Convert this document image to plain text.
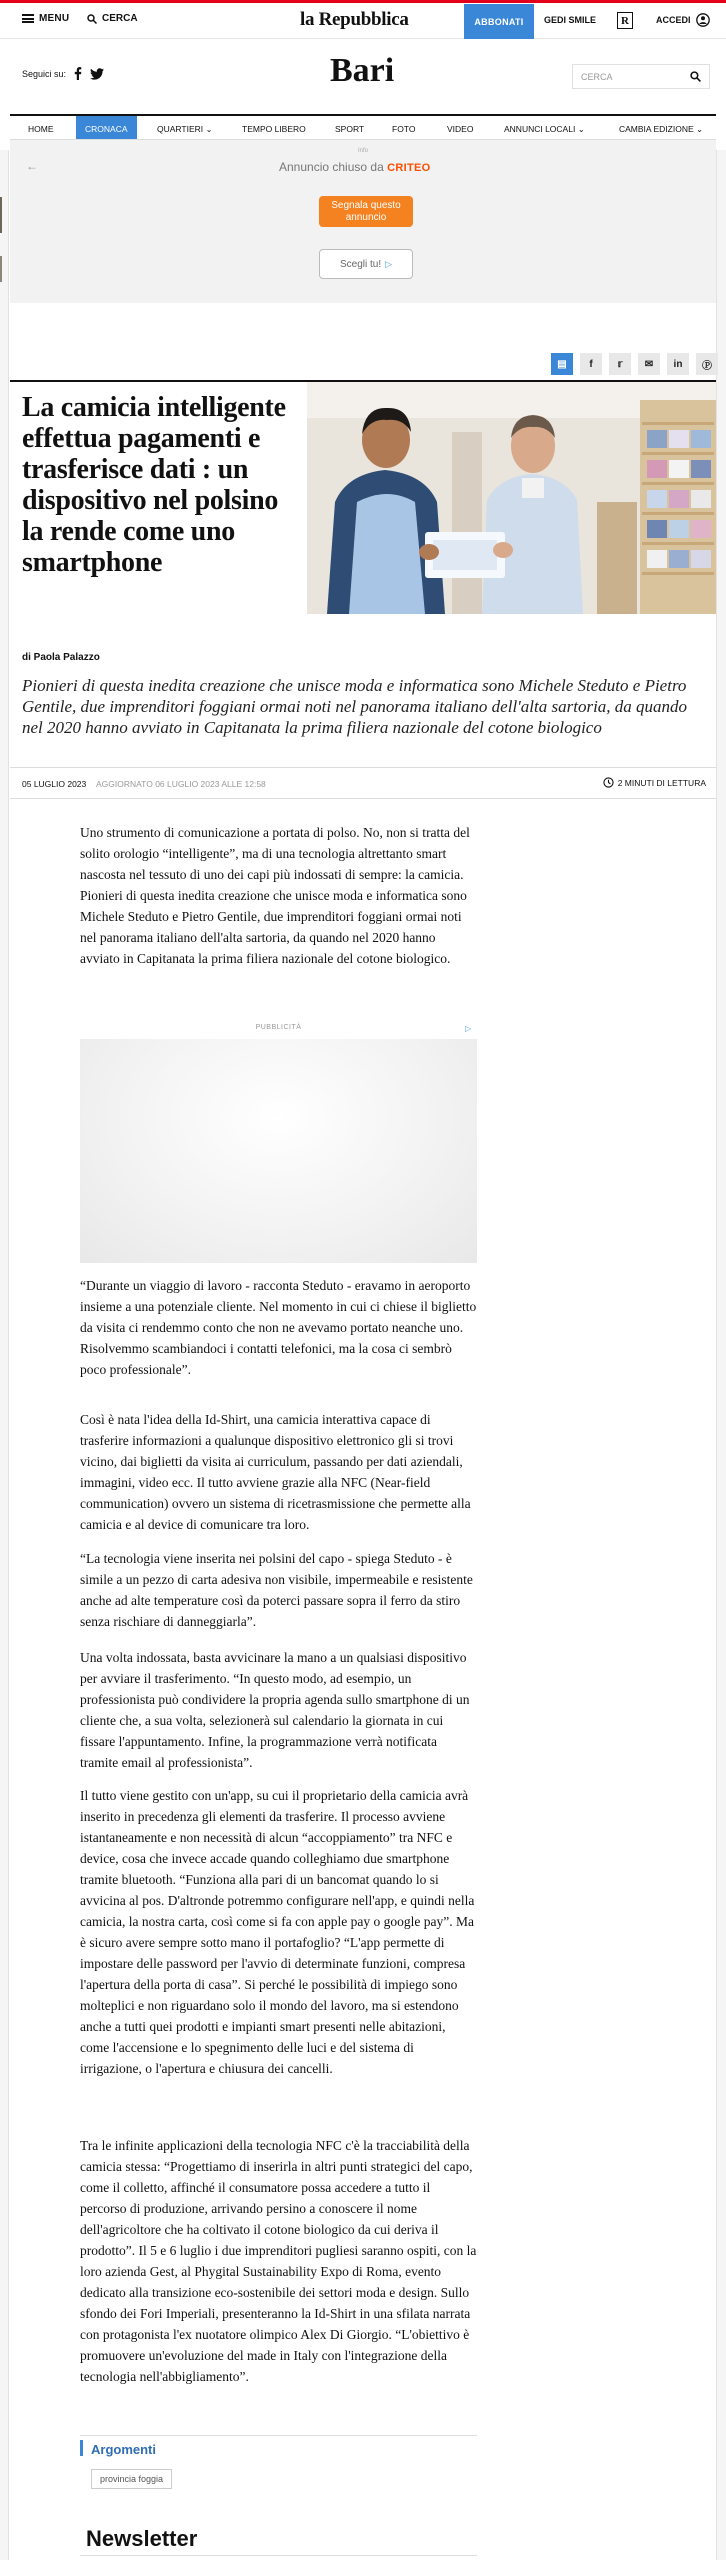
MENU	CERCA	la Repubblica	ABBONATI	GEDI SMILE	R	ACCEDI
Seguici su:	Bari	CERCA
HOME	CRONACA	QUARTIERI ⌄	TEMPO LIBERO	SPORT	FOTO	VIDEO	ANNUNCI LOCALI ⌄	CAMBIA EDIZIONE ⌄
Info
←	Annuncio chiuso da CRITEO
Segnala questo annuncio
Scegli tu! ▷
▤	f	𝕣	✉	in	Ⓟ
La camicia intelligente effettua pagamenti e trasferisce dati : un dispositivo nel polsino la rende come uno smartphone
di Paola Palazzo

Pionieri di questa inedita creazione che unisce moda e informatica sono Michele Steduto e Pietro Gentile, due imprenditori foggiani ormai noti nel panorama italiano dell'alta sartoria, da quando nel 2020 hanno avviato in Capitanata la prima filiera nazionale del cotone biologico

05 LUGLIO 2023 AGGIORNATO 06 LUGLIO 2023 ALLE 12:58	2 MINUTI DI LETTURA

Uno strumento di comunicazione a portata di polso. No, non si tratta del solito orologio “intelligente”, ma di una tecnologia altrettanto smart nascosta nel tessuto di uno dei capi più indossati di sempre: la camicia. Pionieri di questa inedita creazione che unisce moda e informatica sono Michele Steduto e Pietro Gentile, due imprenditori foggiani ormai noti nel panorama italiano dell'alta sartoria, da quando nel 2020 hanno avviato in Capitanata la prima filiera nazionale del cotone biologico.

PUBBLICITÀ	▷

“Durante un viaggio di lavoro - racconta Steduto - eravamo in aeroporto insieme a una potenziale cliente. Nel momento in cui ci chiese il biglietto da visita ci rendemmo conto che non ne avevamo portato neanche uno. Risolvemmo scambiandoci i contatti telefonici, ma la cosa ci sembrò poco professionale”.

Così è nata l'idea della Id-Shirt, una camicia interattiva capace di trasferire informazioni a qualunque dispositivo elettronico gli si trovi vicino, dai biglietti da visita ai curriculum, passando per dati aziendali, immagini, video ecc. Il tutto avviene grazie alla NFC (Near-field communication) ovvero un sistema di ricetrasmissione che permette alla camicia e al device di comunicare tra loro.

“La tecnologia viene inserita nei polsini del capo - spiega Steduto - è simile a un pezzo di carta adesiva non visibile, impermeabile e resistente anche ad alte temperature così da poterci passare sopra il ferro da stiro senza rischiare di danneggiarla”.

Una volta indossata, basta avvicinare la mano a un qualsiasi dispositivo per avviare il trasferimento. “In questo modo, ad esempio, un professionista può condividere la propria agenda sullo smartphone di un cliente che, a sua volta, selezionerà sul calendario la giornata in cui fissare l'appuntamento. Infine, la programmazione verrà notificata tramite email al professionista”.

Il tutto viene gestito con un'app, su cui il proprietario della camicia avrà inserito in precedenza gli elementi da trasferire. Il processo avviene istantaneamente e non necessità di alcun “accoppiamento” tra NFC e device, cosa che invece accade quando colleghiamo due smartphone tramite bluetooth. “Funziona alla pari di un bancomat quando lo si avvicina al pos. D'altronde potremmo configurare nell'app, e quindi nella camicia, la nostra carta, così come si fa con apple pay o google pay”. Ma è sicuro avere sempre sotto mano il portafoglio? “L'app permette di impostare delle password per l'avvio di determinate funzioni, compresa l'apertura della porta di casa”. Si perché le possibilità di impiego sono molteplici e non riguardano solo il mondo del lavoro, ma si estendono anche a tutti quei prodotti e impianti smart presenti nelle abitazioni, come l'accensione e lo spegnimento delle luci e del sistema di irrigazione, o l'apertura e chiusura dei cancelli.

Tra le infinite applicazioni della tecnologia NFC c'è la tracciabilità della camicia stessa: “Progettiamo di inserirla in altri punti strategici del capo, come il colletto, affinché il consumatore possa accedere a tutto il percorso di produzione, arrivando persino a conoscere il nome dell'agricoltore che ha coltivato il cotone biologico da cui deriva il prodotto”. Il 5 e 6 luglio i due imprenditori pugliesi saranno ospiti, con la loro azienda Gest, al Phygital Sustainability Expo di Roma, evento dedicato alla transizione eco-sostenibile dei settori moda e design. Sullo sfondo dei Fori Imperiali, presenteranno la Id-Shirt in una sfilata narrata con protagonista l'ex nuotatore olimpico Alex Di Giorgio. “L'obiettivo è promuovere un'evoluzione del made in Italy con l'integrazione della tecnologia nell'abbigliamento”.

Argomenti
provincia foggia
Newsletter
